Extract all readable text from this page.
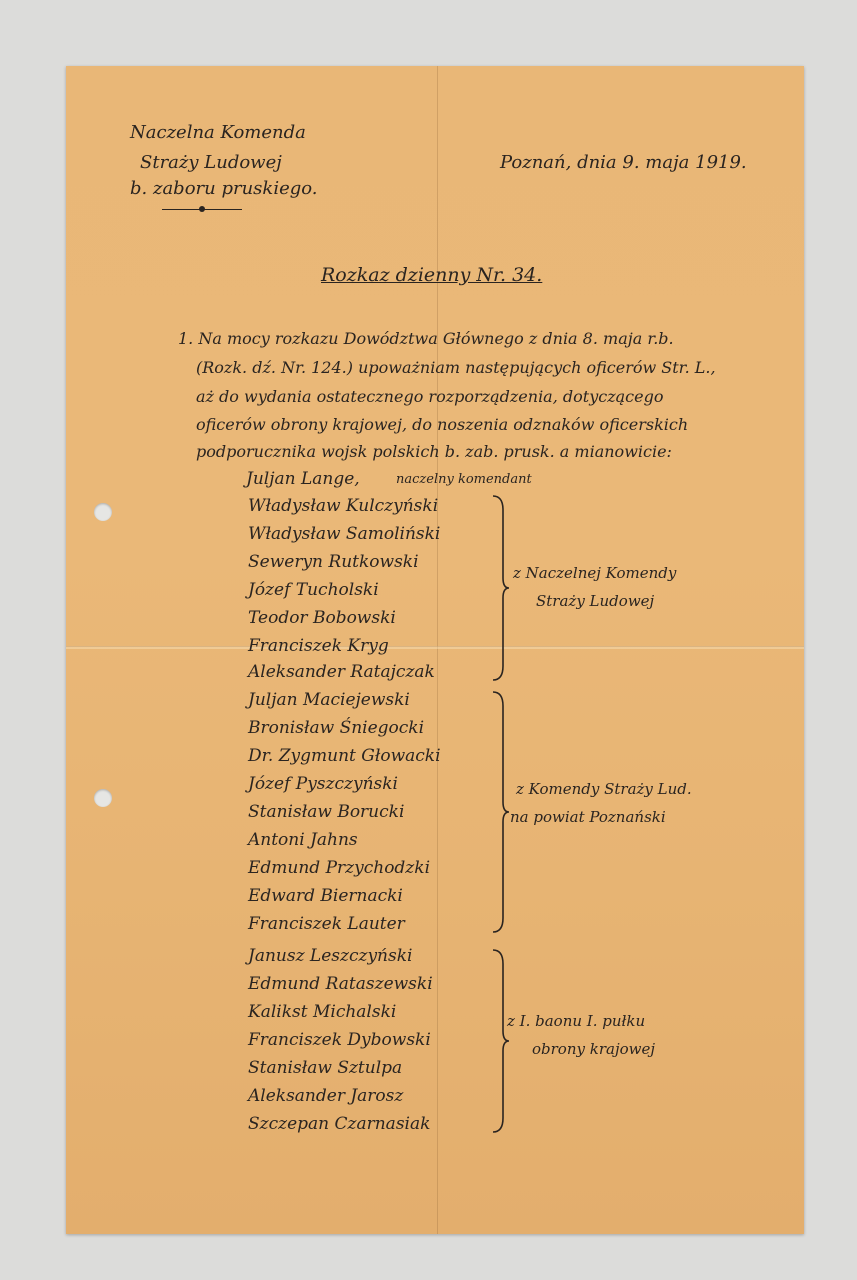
Naczelna Komenda
Straży Ludowej
b. zaboru pruskiego.
Poznań, dnia 9. maja 1919.
Rozkaz dzienny Nr. 34.
1. Na mocy rozkazu Dowództwa Głównego z dnia 8. maja r.b.
(Rozk. dź. Nr. 124.) upoważniam następujących oficerów Str. L.,
aż do wydania ostatecznego rozporządzenia, dotyczącego
oficerów obrony krajowej, do noszenia odznaków oficerskich
podporucznika wojsk polskich b. zab. prusk. a mianowicie:
Juljan Lange,	naczelny komendant
Władysław Kulczyński
Władysław Samoliński
Seweryn Rutkowski
Józef Tucholski
Teodor Bobowski
Franciszek Kryg
Aleksander Ratajczak
z Naczelnej Komendy
Straży Ludowej
Juljan Maciejewski
Bronisław Śniegocki
Dr. Zygmunt Głowacki
Józef Pyszczyński
Stanisław Borucki
Antoni Jahns
Edmund Przychodzki
Edward Biernacki
Franciszek Lauter
z Komendy Straży Lud.
na powiat Poznański
Janusz Leszczyński
Edmund Rataszewski
Kalikst Michalski
Franciszek Dybowski
Stanisław Sztulpa
Aleksander Jarosz
Szczepan Czarnasiak
z I. baonu I. pułku
obrony krajowej
